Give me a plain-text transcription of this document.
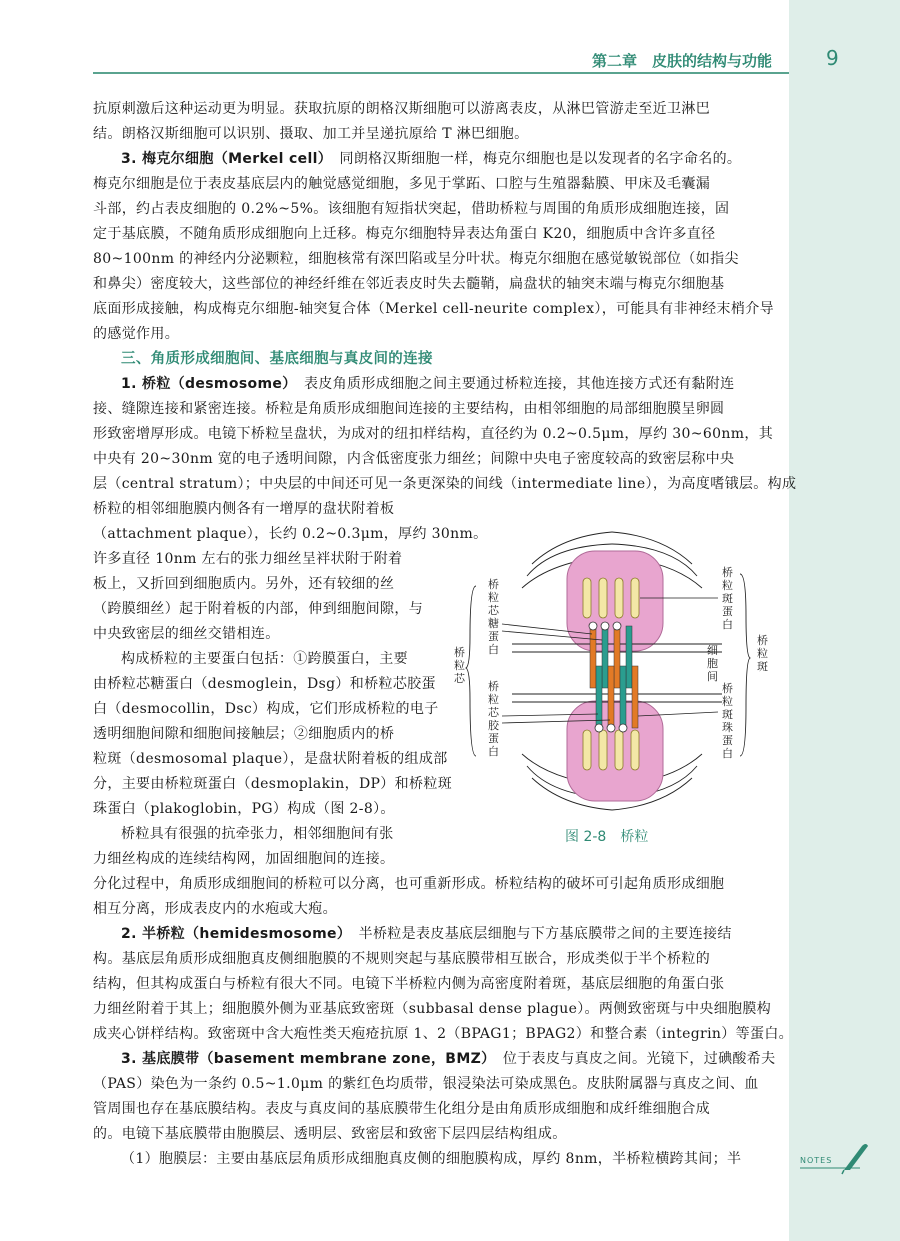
第二章　皮肤的结构与功能	9
抗原刺激后这种运动更为明显。获取抗原的朗格汉斯细胞可以游离表皮，从淋巴管游走至近卫淋巴
结。朗格汉斯细胞可以识别、摄取、加工并呈递抗原给 T 淋巴细胞。
3. 梅克尔细胞（Merkel cell）　 同朗格汉斯细胞一样，梅克尔细胞也是以发现者的名字命名的。
梅克尔细胞是位于表皮基底层内的触觉感觉细胞，多见于掌跖、口腔与生殖器黏膜、甲床及毛囊漏
斗部，约占表皮细胞的 0.2%~5%。该细胞有短指状突起，借助桥粒与周围的角质形成细胞连接，固
定于基底膜，不随角质形成细胞向上迁移。梅克尔细胞特异表达角蛋白 K20，细胞质中含许多直径
80~100nm 的神经内分泌颗粒，细胞核常有深凹陷或呈分叶状。梅克尔细胞在感觉敏锐部位（如指尖
和鼻尖）密度较大，这些部位的神经纤维在邻近表皮时失去髓鞘，扁盘状的轴突末端与梅克尔细胞基
底面形成接触，构成梅克尔细胞-轴突复合体（Merkel cell-neurite complex），可能具有非神经末梢介导
的感觉作用。
三、角质形成细胞间、基底细胞与真皮间的连接
1. 桥粒（desmosome）　 表皮角质形成细胞之间主要通过桥粒连接，其他连接方式还有黏附连
接、缝隙连接和紧密连接。桥粒是角质形成细胞间连接的主要结构，由相邻细胞的局部细胞膜呈卵圆
形致密增厚形成。电镜下桥粒呈盘状，为成对的纽扣样结构，直径约为 0.2~0.5μm，厚约 30~60nm，其
中央有 20~30nm 宽的电子透明间隙，内含低密度张力细丝；间隙中央电子密度较高的致密层称中央
层（central stratum）；中央层的中间还可见一条更深染的间线（intermediate line），为高度嗜锇层。构成
桥粒的相邻细胞膜内侧各有一增厚的盘状附着板
（attachment plaque），长约 0.2~0.3μm，厚约 30nm。
许多直径 10nm 左右的张力细丝呈袢状附于附着
板上，又折回到细胞质内。另外，还有较细的丝
（跨膜细丝）起于附着板的内部，伸到细胞间隙，与
中央致密层的细丝交错相连。
构成桥粒的主要蛋白包括：①跨膜蛋白，主要
由桥粒芯糖蛋白（desmoglein，Dsg）和桥粒芯胶蛋
白（desmocollin，Dsc）构成，它们形成桥粒的电子
透明细胞间隙和细胞间接触层；②细胞质内的桥
粒斑（desmosomal plaque），是盘状附着板的组成部
分，主要由桥粒斑蛋白（desmoplakin，DP）和桥粒斑
珠蛋白（plakoglobin，PG）构成（图 2-8）。
桥粒具有很强的抗牵张力，相邻细胞间有张
力细丝构成的连续结构网，加固细胞间的连接。
分化过程中，角质形成细胞间的桥粒可以分离，也可重新形成。桥粒结构的破坏可引起角质形成细胞
相互分离，形成表皮内的水疱或大疱。
2. 半桥粒（hemidesmosome）　 半桥粒是表皮基底层细胞与下方基底膜带之间的主要连接结
构。基底层角质形成细胞真皮侧细胞膜的不规则突起与基底膜带相互嵌合，形成类似于半个桥粒的
结构，但其构成蛋白与桥粒有很大不同。电镜下半桥粒内侧为高密度附着斑，基底层细胞的角蛋白张
力细丝附着于其上；细胞膜外侧为亚基底致密斑（subbasal dense plague）。两侧致密斑与中央细胞膜构
成夹心饼样结构。致密斑中含大疱性类天疱疮抗原 1、2（BPAG1；BPAG2）和整合素（integrin）等蛋白。
3. 基底膜带（basement membrane zone，BMZ）　 位于表皮与真皮之间。光镜下，过碘酸希夫
（PAS）染色为一条约 0.5~1.0μm 的紫红色均质带，银浸染法可染成黑色。皮肤附属器与真皮之间、血
管周围也存在基底膜结构。表皮与真皮间的基底膜带生化组分是由角质形成细胞和成纤维细胞合成
的。电镜下基底膜带由胞膜层、透明层、致密层和致密下层四层结构组成。
（1）胞膜层：主要由基底层角质形成细胞真皮侧的细胞膜构成，厚约 8nm，半桥粒横跨其间；半
桥粒芯糖蛋白
桥粒芯胶蛋白
桥粒芯
桥粒斑蛋白
细胞间
桥粒斑珠蛋白
桥粒斑
图 2-8　桥粒
NOTES
